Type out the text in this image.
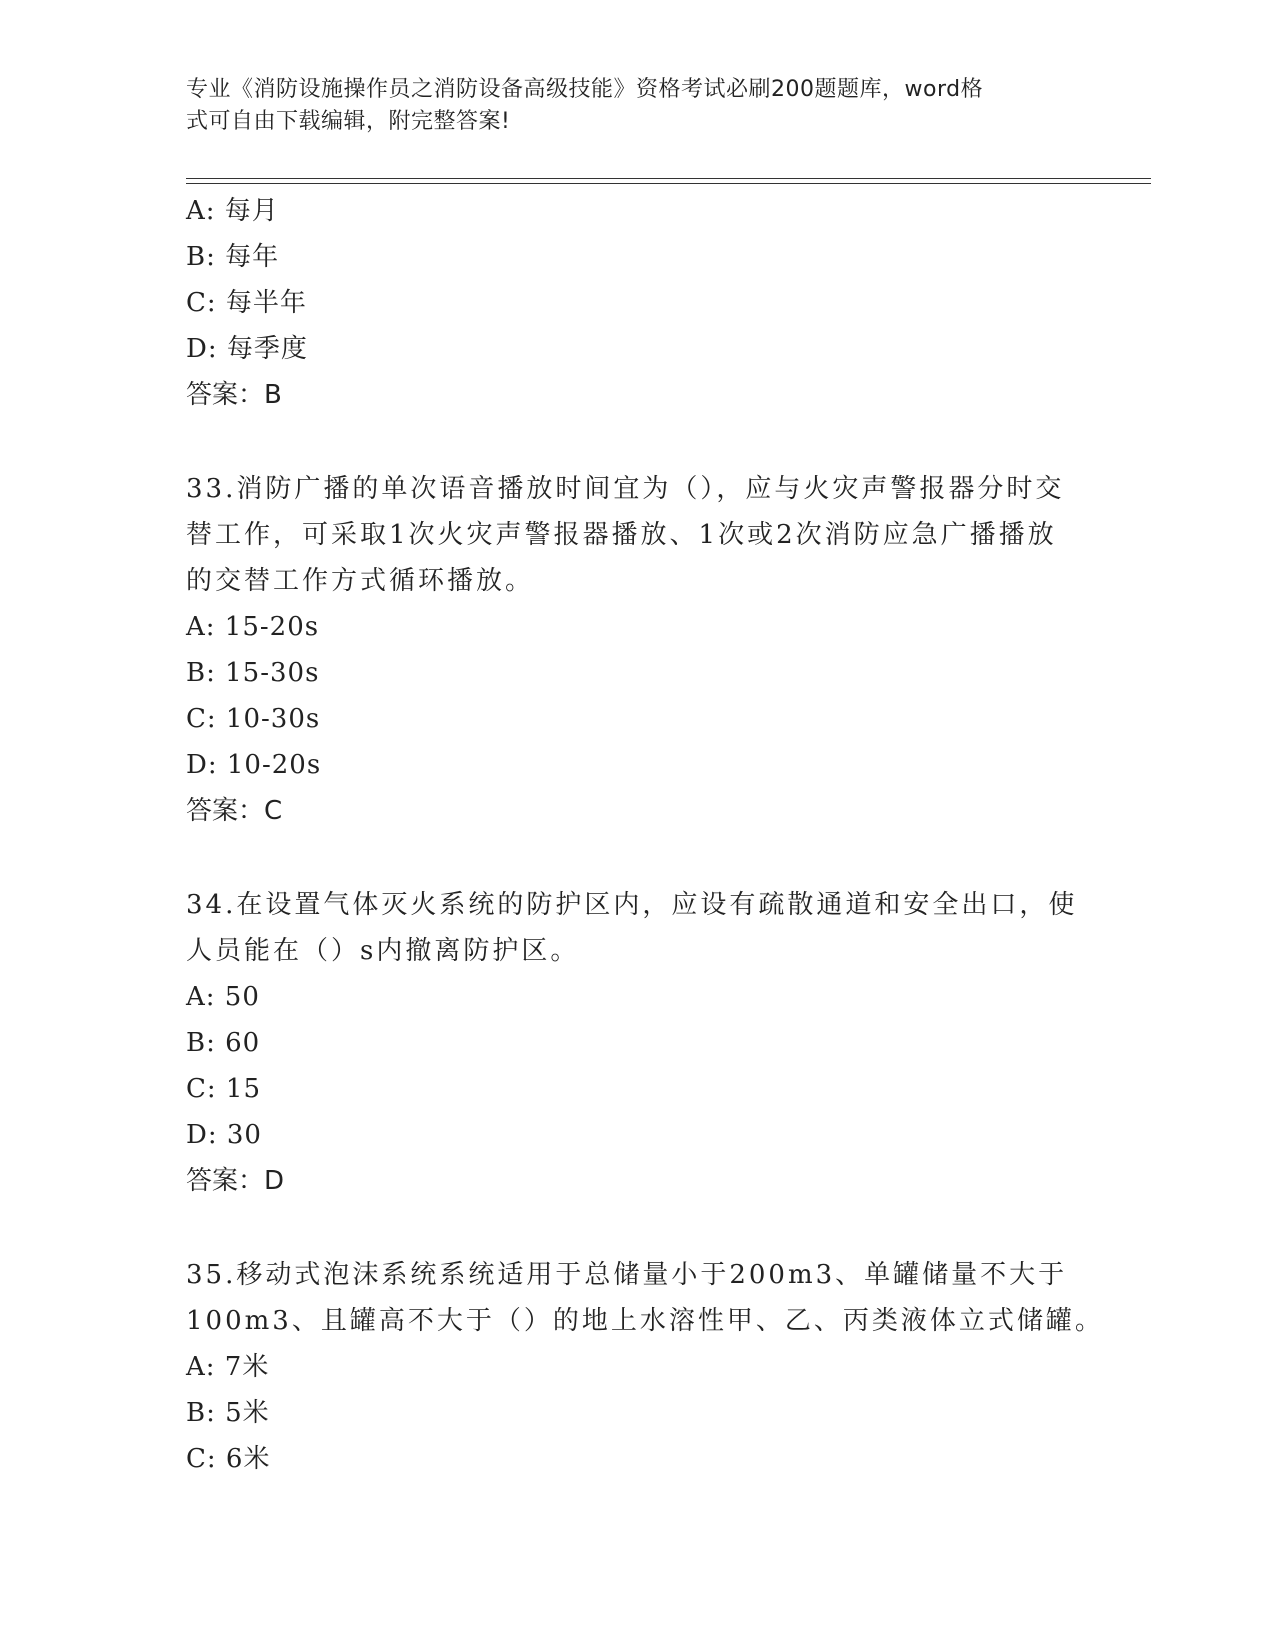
专业《消防设施操作员之消防设备高级技能》资格考试必刷200题题库，word格
式可自由下载编辑，附完整答案!
A: 每月
B: 每年
C: 每半年
D: 每季度
答案：B
33.消防广播的单次语音播放时间宜为（），应与火灾声警报器分时交
替工作，可采取1次火灾声警报器播放、1次或2次消防应急广播播放
的交替工作方式循环播放。
A: 15-20s
B: 15-30s
C: 10-30s
D: 10-20s
答案：C
34.在设置气体灭火系统的防护区内，应设有疏散通道和安全出口，使
人员能在（）s内撤离防护区。
A: 50
B: 60
C: 15
D: 30
答案：D
35.移动式泡沫系统系统适用于总储量小于200m3、单罐储量不大于
100m3、且罐高不大于（）的地上水溶性甲、乙、丙类液体立式储罐。
A: 7米
B: 5米
C: 6米
